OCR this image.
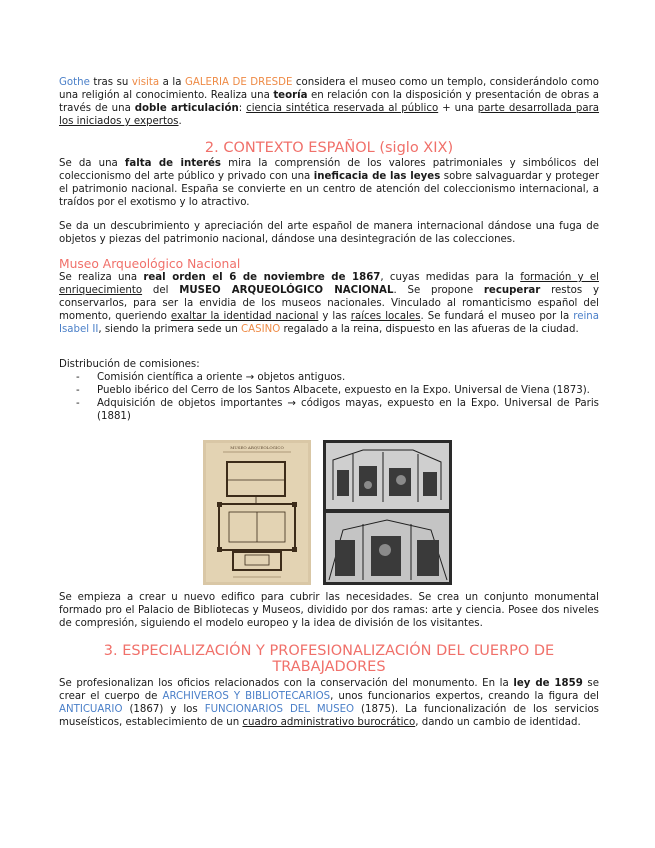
Gothe tras su visita a la GALERIA DE DRESDE considera el museo como un templo, considerándolo como una religión al conocimiento. Realiza una teoría en relación con la disposición y presentación de obras a través de una doble articulación: ciencia sintética reservada al público + una parte desarrollada para los iniciados y expertos.

2. CONTEXTO ESPAÑOL (siglo XIX)

Se da una falta de interés mira la comprensión de los valores patrimoniales y simbólicos del coleccionismo del arte público y privado con una ineficacia de las leyes sobre salvaguardar y proteger el patrimonio nacional. España se convierte en un centro de atención del coleccionismo internacional, a traídos por el exotismo y lo atractivo.

Se da un descubrimiento y apreciación del arte español de manera internacional dándose una fuga de objetos y piezas del patrimonio nacional, dándose una desintegración de las colecciones.

Museo Arqueológico Nacional

Se realiza una real orden el 6 de noviembre de 1867, cuyas medidas para la formación y el enriquecimiento del MUSEO ARQUEOLÓGICO NACIONAL. Se propone recuperar restos y conservarlos, para ser la envidia de los museos nacionales. Vinculado al romanticismo español del momento, queriendo exaltar la identidad nacional y las raíces locales. Se fundará el museo por la reina Isabel II, siendo la primera sede un CASINO regalado a la reina, dispuesto en las afueras de la ciudad.

Distribución de comisiones:
- Comisión científica a oriente → objetos antiguos.
- Pueblo ibérico del Cerro de los Santos Albacete, expuesto en la Expo. Universal de Viena (1873).
- Adquisición de objetos importantes → códigos mayas, expuesto en la Expo. Universal de Paris (1881)
MUSEO ARQUEOLOGICO

Se empieza a crear u nuevo edifico para cubrir las necesidades. Se crea un conjunto monumental formado pro el Palacio de Bibliotecas y Museos, dividido por dos ramas: arte y ciencia. Posee dos niveles de compresión, siguiendo el modelo europeo y la idea de división de los visitantes.

3. ESPECIALIZACIÓN Y PROFESIONALIZACIÓN DEL CUERPO DE TRABAJADORES

Se profesionalizan los oficios relacionados con la conservación del monumento. En la ley de 1859 se crear el cuerpo de ARCHIVEROS Y BIBLIOTECARIOS, unos funcionarios expertos, creando la figura del ANTICUARIO (1867) y los FUNCIONARIOS DEL MUSEO (1875). La funcionalización de los servicios museísticos, establecimiento de un cuadro administrativo burocrático, dando un cambio de identidad.
